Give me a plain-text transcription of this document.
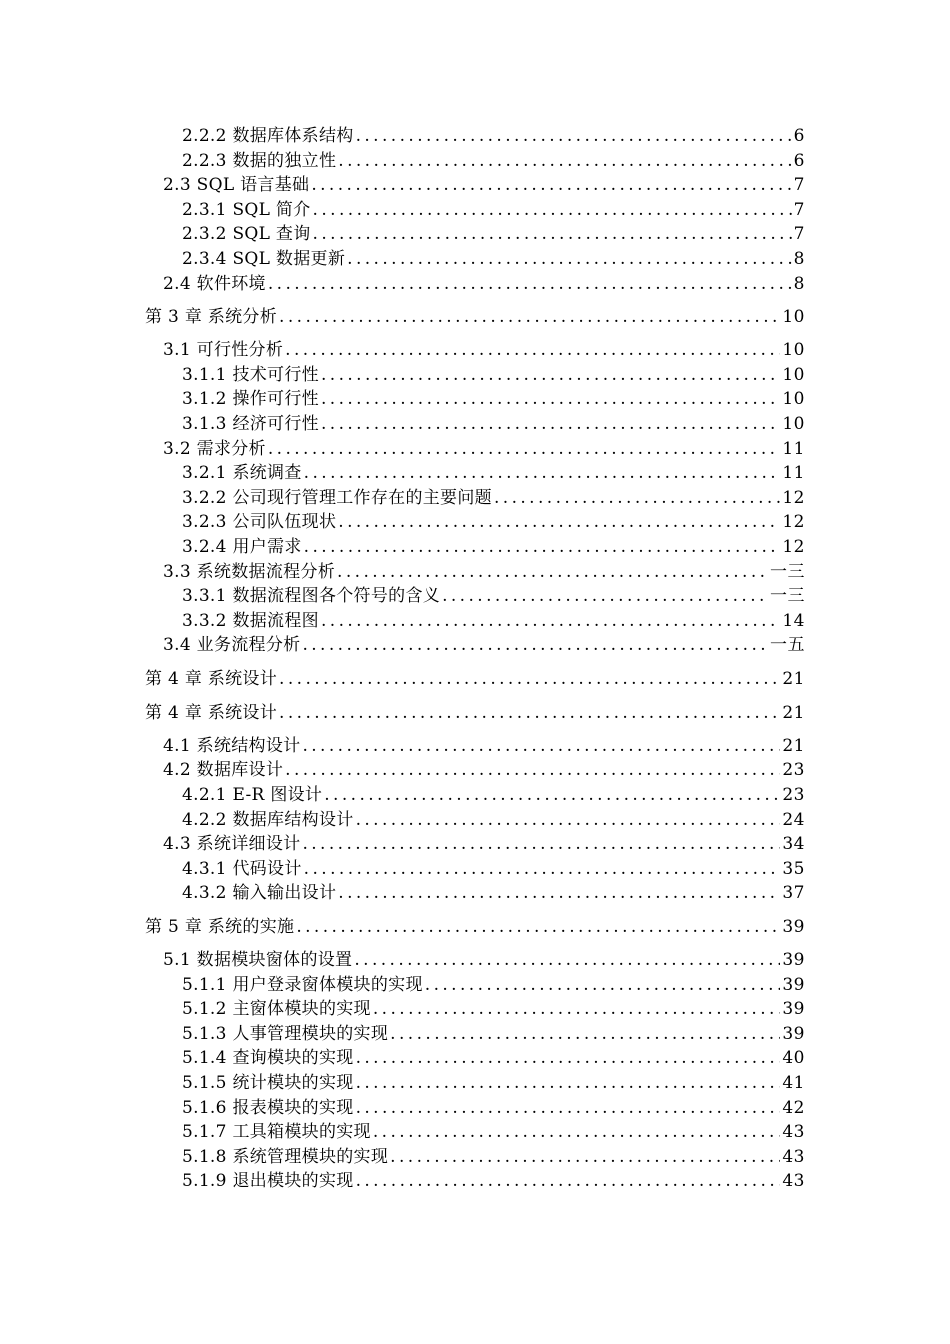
2.2.2 数据库体系结构 .....	6
2.2.3 数据的独立性 .....	6
2.3 SQL 语言基础 .....	7
2.3.1 SQL 简介 .....	7
2.3.2 SQL 查询 .....	7
2.3.4 SQL 数据更新 .....	8
2.4 软件环境 .....	8
第 3 章 系统分析 .....	10
3.1 可行性分析 .....	10
3.1.1 技术可行性 .....	10
3.1.2 操作可行性 .....	10
3.1.3 经济可行性 .....	10
3.2 需求分析 .....	11
3.2.1 系统调查 .....	11
3.2.2 公司现行管理工作存在的主要问题 .....	12
3.2.3 公司队伍现状 .....	12
3.2.4 用户需求 .....	12
3.3 系统数据流程分析 .....	一三
3.3.1 数据流程图各个符号的含义 .....	一三
3.3.2 数据流程图 .....	14
3.4 业务流程分析 .....	一五
第 4 章 系统设计 .....	21
第 4 章 系统设计 .....	21
4.1 系统结构设计 .....	21
4.2 数据库设计 .....	23
4.2.1 E-R 图设计 .....	23
4.2.2 数据库结构设计 .....	24
4.3 系统详细设计 .....	34
4.3.1 代码设计 .....	35
4.3.2 输入输出设计 .....	37
第 5 章 系统的实施 .....	39
5.1 数据模块窗体的设置 .....	39
5.1.1 用户登录窗体模块的实现 .....	39
5.1.2 主窗体模块的实现 .....	39
5.1.3 人事管理模块的实现 .....	39
5.1.4 查询模块的实现 .....	40
5.1.5 统计模块的实现 .....	41
5.1.6 报表模块的实现 .....	42
5.1.7 工具箱模块的实现 .....	43
5.1.8 系统管理模块的实现 .....	43
5.1.9 退出模块的实现 .....	43
